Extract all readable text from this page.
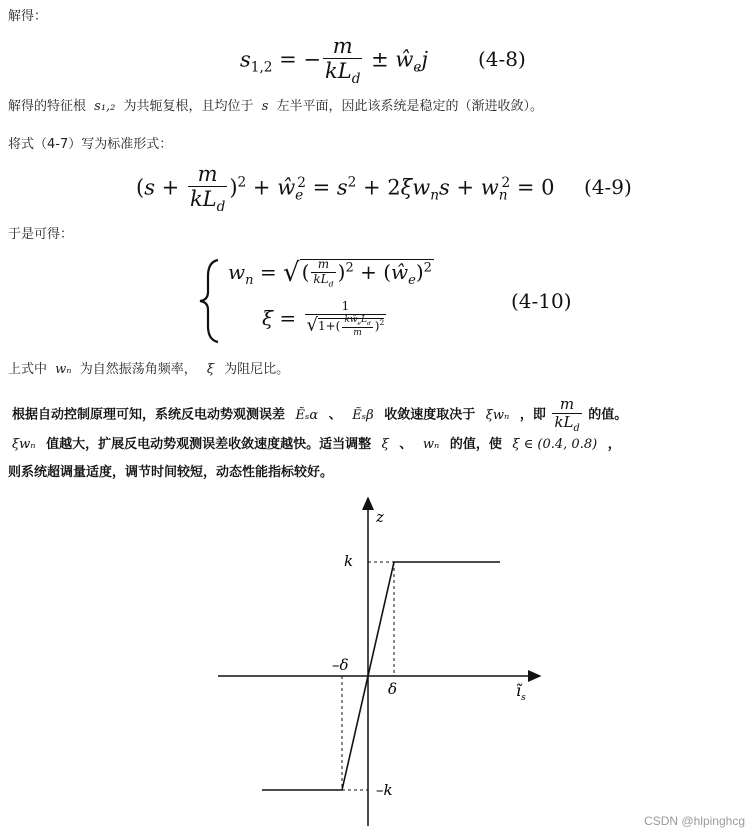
解得：
$s_{1,2}$ = − $\frac{m}{kL_d}$ ± $ŵ_ej$	(4-8)
解得的特征根 s₁,₂ 为共轭复根，且均位于 s 左半平面，因此该系统是稳定的（渐进收敛）。
将式（4-7）写为标准形式：
$(s + \frac{m}{kL_d} )^2$ + $ŵ_e^2 = s^2 + 2\xi w_ns + w_n^2 = 0$ (4-9)
于是可得：
$w_n$ = √ ( $\frac{m}{kL_d} )^2$ + $(ŵ_e)^2$
$\xi = \frac{1}{√1+( \frac{kŵ_eL_d}{m} )^2}$	(4-10)
上式中 wₙ 为自然振荡角频率， ξ 为阻尼比。
根据自动控制原理可知，系统反电动势观测误差 Ẽₛα 、 Ẽₛβ 收敛速度取决于 ξwₙ ，即 $\frac{m}{kL_d}$ 的值。
ξwₙ 值越大，扩展反电动势观测误差收敛速度越快。适当调整 ξ 、 wₙ 的值，使 ξ ∈ (0.4, 0.8) ，
则系统超调量适度，调节时间较短，动态性能指标较好。
z
k
–δ
δ
–k
$ĩ_s$
CSDN @hlpinghcg
